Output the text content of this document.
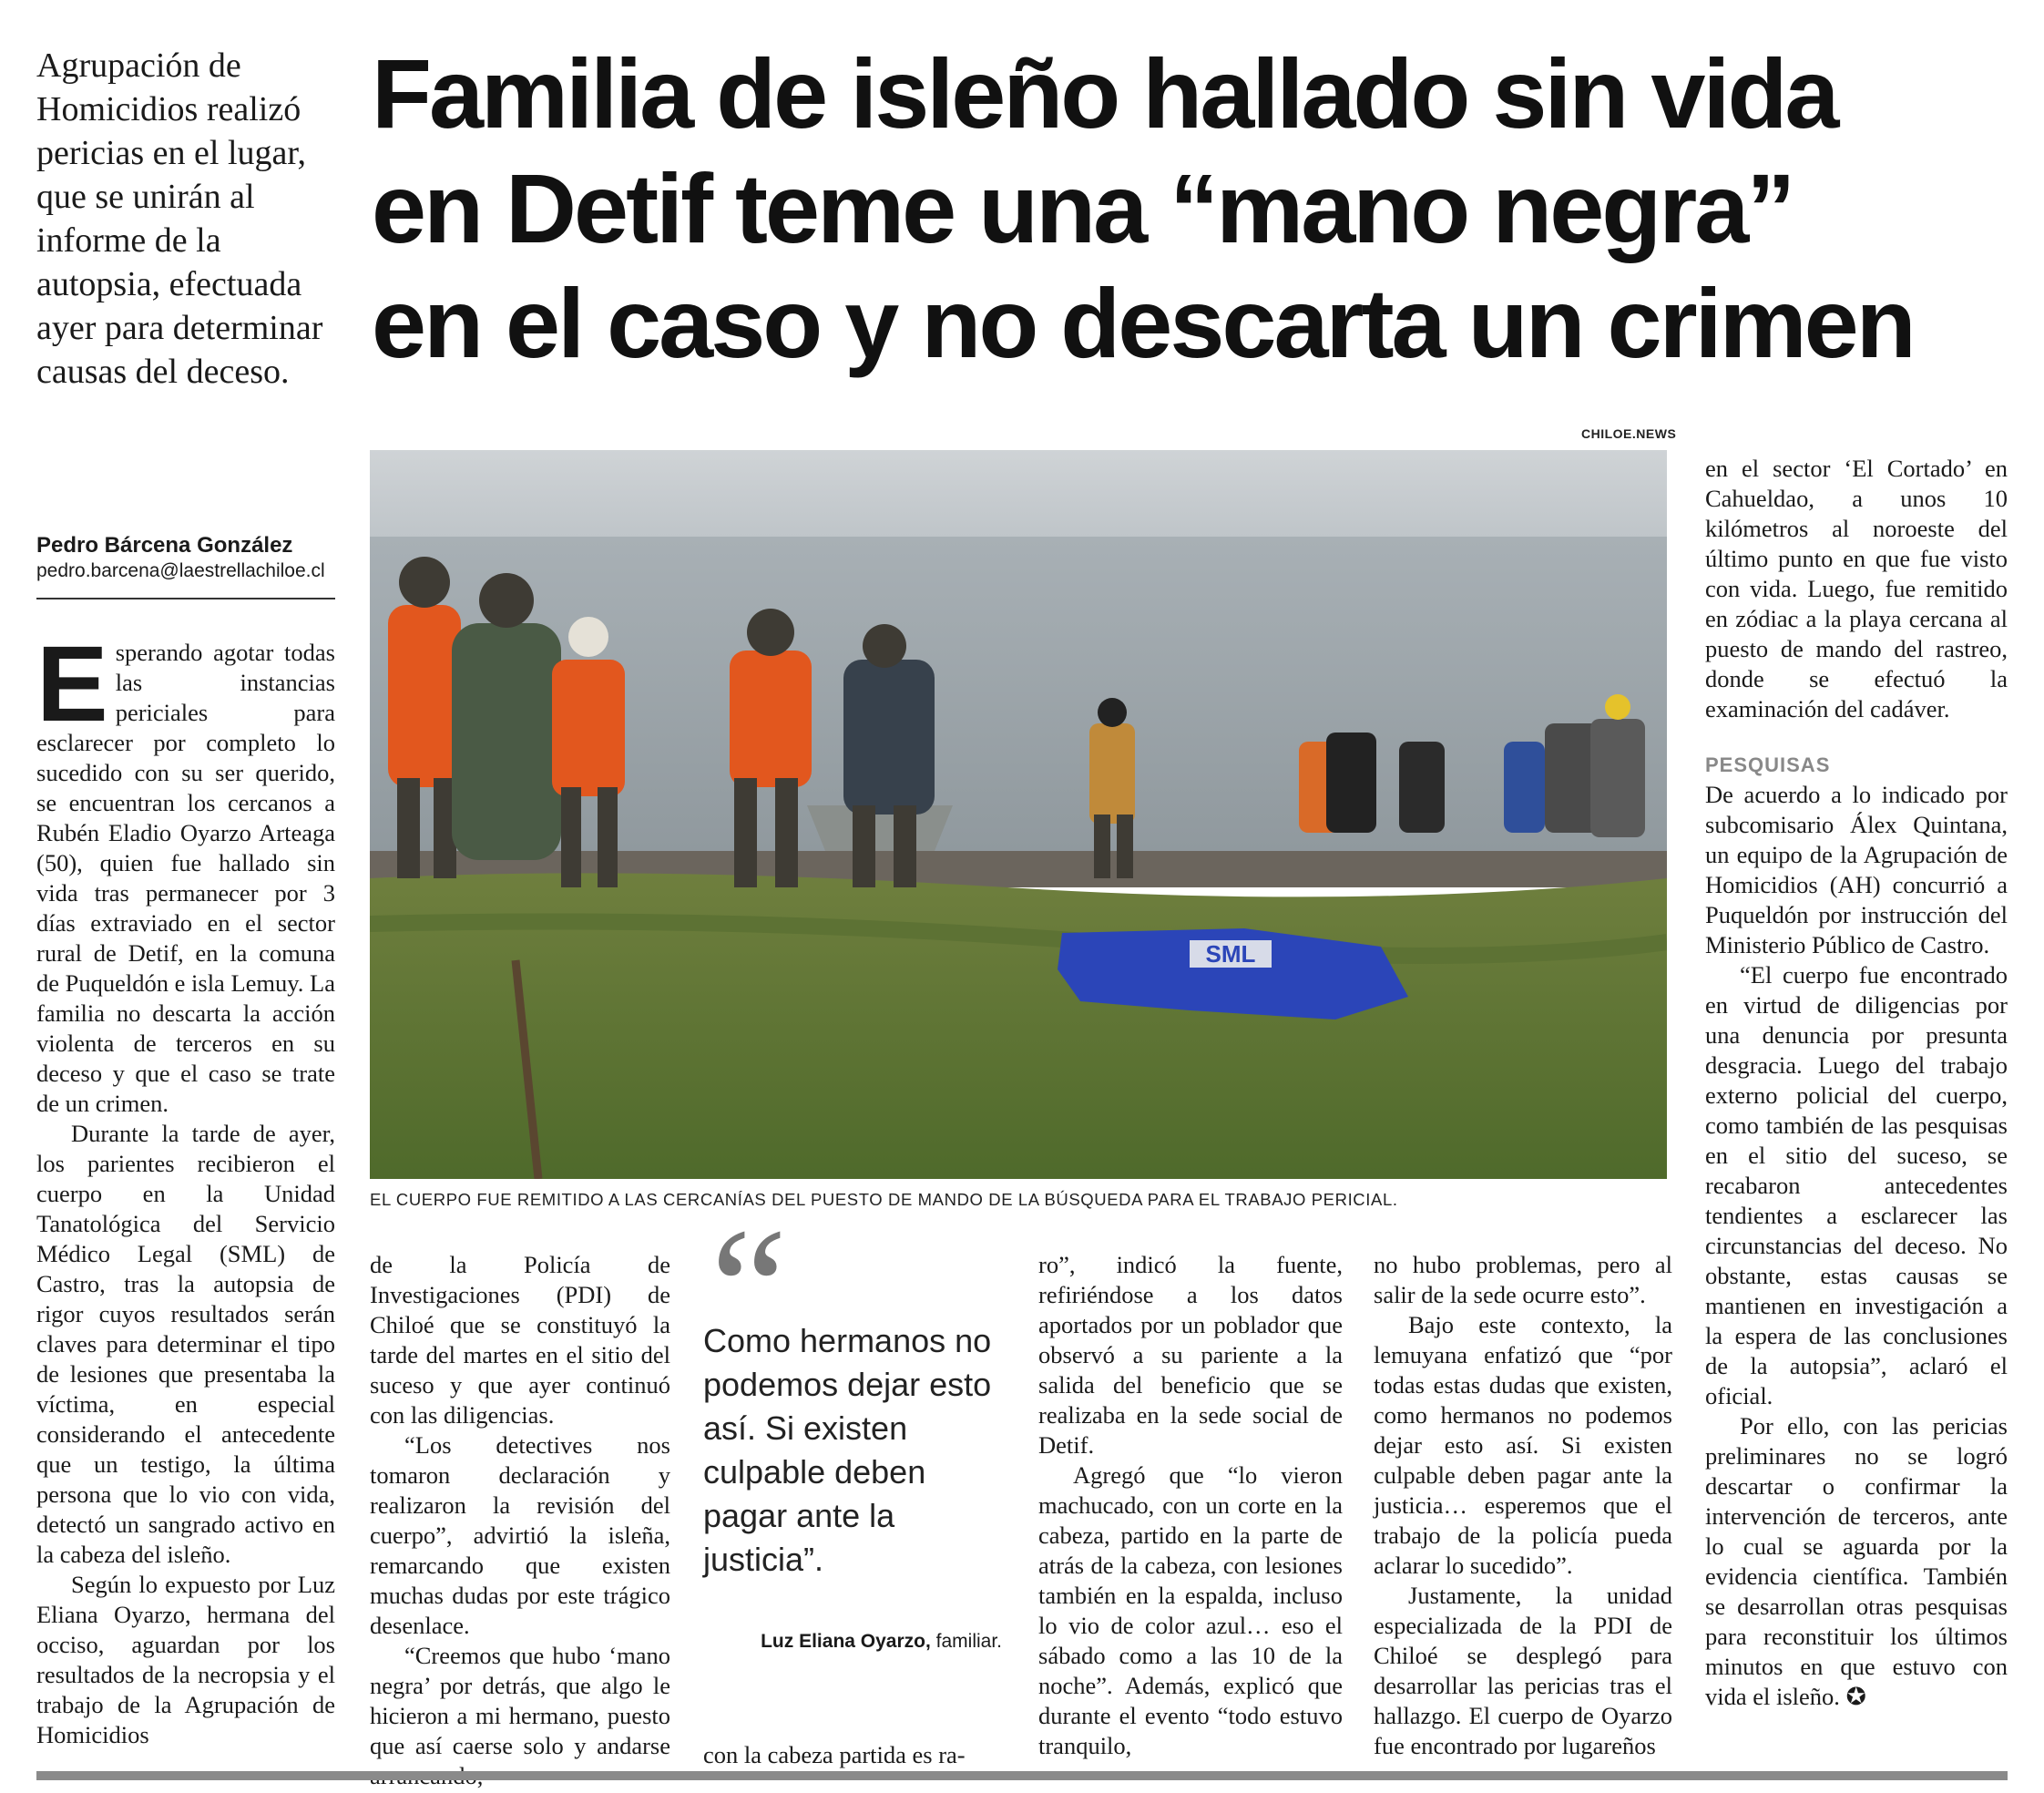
Familia de isleño hallado sin vida
en Detif teme una “mano negra”
en el caso y no descarta un crimen
Agrupación de Homicidios realizó pericias en el lugar, que se unirán al informe de la autopsia, efectuada ayer para determinar causas del deceso.
Pedro Bárcena González
pedro.barcena@laestrellachiloe.cl

Esperando agotar todas las instancias periciales para esclarecer por completo lo sucedido con su ser querido, se encuentran los cercanos a Rubén Eladio Oyarzo Arteaga (50), quien fue hallado sin vida tras permanecer por 3 días extraviado en el sector rural de Detif, en la comuna de Puqueldón e isla Lemuy. La familia no descarta la acción violenta de terceros en su deceso y que el caso se trate de un crimen.

Durante la tarde de ayer, los parientes recibieron el cuerpo en la Unidad Tanatológica del Servicio Médico Legal (SML) de Castro, tras la autopsia de rigor cuyos resultados serán claves para determinar el tipo de lesiones que presentaba la víctima, en especial considerando el antecedente que un testigo, la última persona que lo vio con vida, detectó un sangrado activo en la cabeza del isleño.

Según lo expuesto por Luz Eliana Oyarzo, hermana del occiso, aguardan por los resultados de la necropsia y el trabajo de la Agrupación de Homicidios

CHILOE.NEWS
SML
EL CUERPO FUE REMITIDO A LAS CERCANÍAS DEL PUESTO DE MANDO DE LA BÚSQUEDA PARA EL TRABAJO PERICIAL.

de la Policía de Investigaciones (PDI) de Chiloé que se constituyó la tarde del martes en el sitio del suceso y que ayer continuó con las diligencias.

“Los detectives nos tomaron declaración y realizaron la revisión del cuerpo”, advirtió la isleña, remarcando que existen muchas dudas por este trágico desenlace.

“Creemos que hubo ‘mano negra’ por detrás, que algo le hicieron a mi hermano, puesto que así caerse solo y andarse

“
Como hermanos no podemos dejar esto así. Si existen culpable deben pagar ante la justicia”.
Luz Eliana Oyarzo, familiar.
con la cabeza partida es ra-

ro”, indicó la fuente, refiriéndose a los datos aportados por un poblador que observó a su pariente a la salida del beneficio que se realizaba en la sede social de Detif.

Agregó que “lo vieron machucado, con un corte en la cabeza, partido en la parte de atrás de la cabeza, con lesiones también en la espalda, incluso lo vio de color azul… eso el sábado como a las 10 de la noche”. Además, explicó que durante el evento “todo estuvo tranquilo,

no hubo problemas, pero al salir de la sede ocurre esto”.

Bajo este contexto, la lemuyana enfatizó que “por todas estas dudas que existen, como hermanos no podemos dejar esto así. Si existen culpable deben pagar ante la justicia… esperemos que el trabajo de la policía pueda aclarar lo sucedido”.

Justamente, la unidad especializada de la PDI de Chiloé se desplegó para desarrollar las pericias tras el hallazgo. El cuerpo de Oyarzo fue encontrado por lugareños

en el sector ‘El Cortado’ en Cahueldao, a unos 10 kilómetros al noroeste del último punto en que fue visto con vida. Luego, fue remitido en zódiac a la playa cercana al puesto de mando del rastreo, donde se efectuó la examinación del cadáver.

PESQUISAS

De acuerdo a lo indicado por subcomisario Álex Quintana, un equipo de la Agrupación de Homicidios (AH) concurrió a Puqueldón por instrucción del Ministerio Público de Castro.

“El cuerpo fue encontrado en virtud de diligencias por una denuncia por presunta desgracia. Luego del trabajo externo policial del cuerpo, como también de las pesquisas en el sitio del suceso, se recabaron antecedentes tendientes a esclarecer las circunstancias del deceso. No obstante, estas causas se mantienen en investigación a la espera de las conclusiones de la autopsia”, aclaró el oficial.

Por ello, con las pericias preliminares no se logró descartar o confirmar la intervención de terceros, ante lo cual se aguarda por la evidencia científica. También se desarrollan otras pesquisas para reconstituir los últimos minutos en que estuvo con vida el isleño. ✪
